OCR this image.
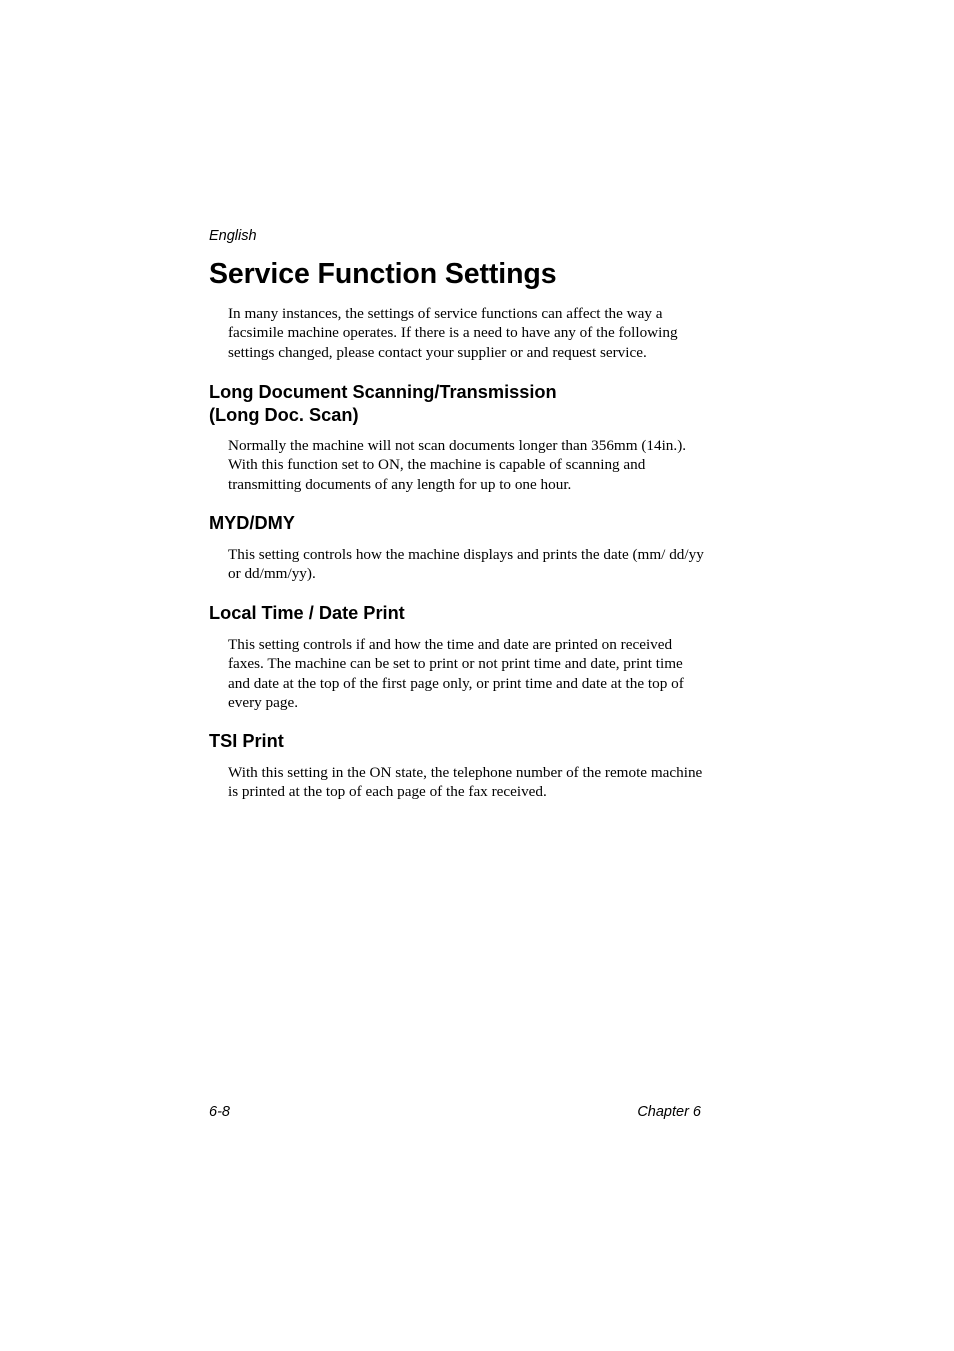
English

Service Function Settings

In many instances, the settings of service functions can affect the way a facsimile machine operates. If there is a need to have any of the following settings changed, please contact your supplier or and request service.

Long Document Scanning/Transmission
(Long Doc. Scan)

Normally the machine will not scan documents longer than 356mm (14in.). With this function set to ON, the machine is capable of scanning and transmitting documents of any length for up to one hour.

MYD/DMY

This setting controls how the machine displays and prints the date (mm/ dd/yy or dd/mm/yy).

Local Time / Date Print

This setting controls if and how the time and date are printed on received faxes. The machine can be set to print or not print time and date, print time and date at the top of the first page only, or print time and date at the top of every page.

TSI Print

With this setting in the ON state, the telephone number of the remote machine is printed at the top of each page of the fax received.

6-8	Chapter 6
